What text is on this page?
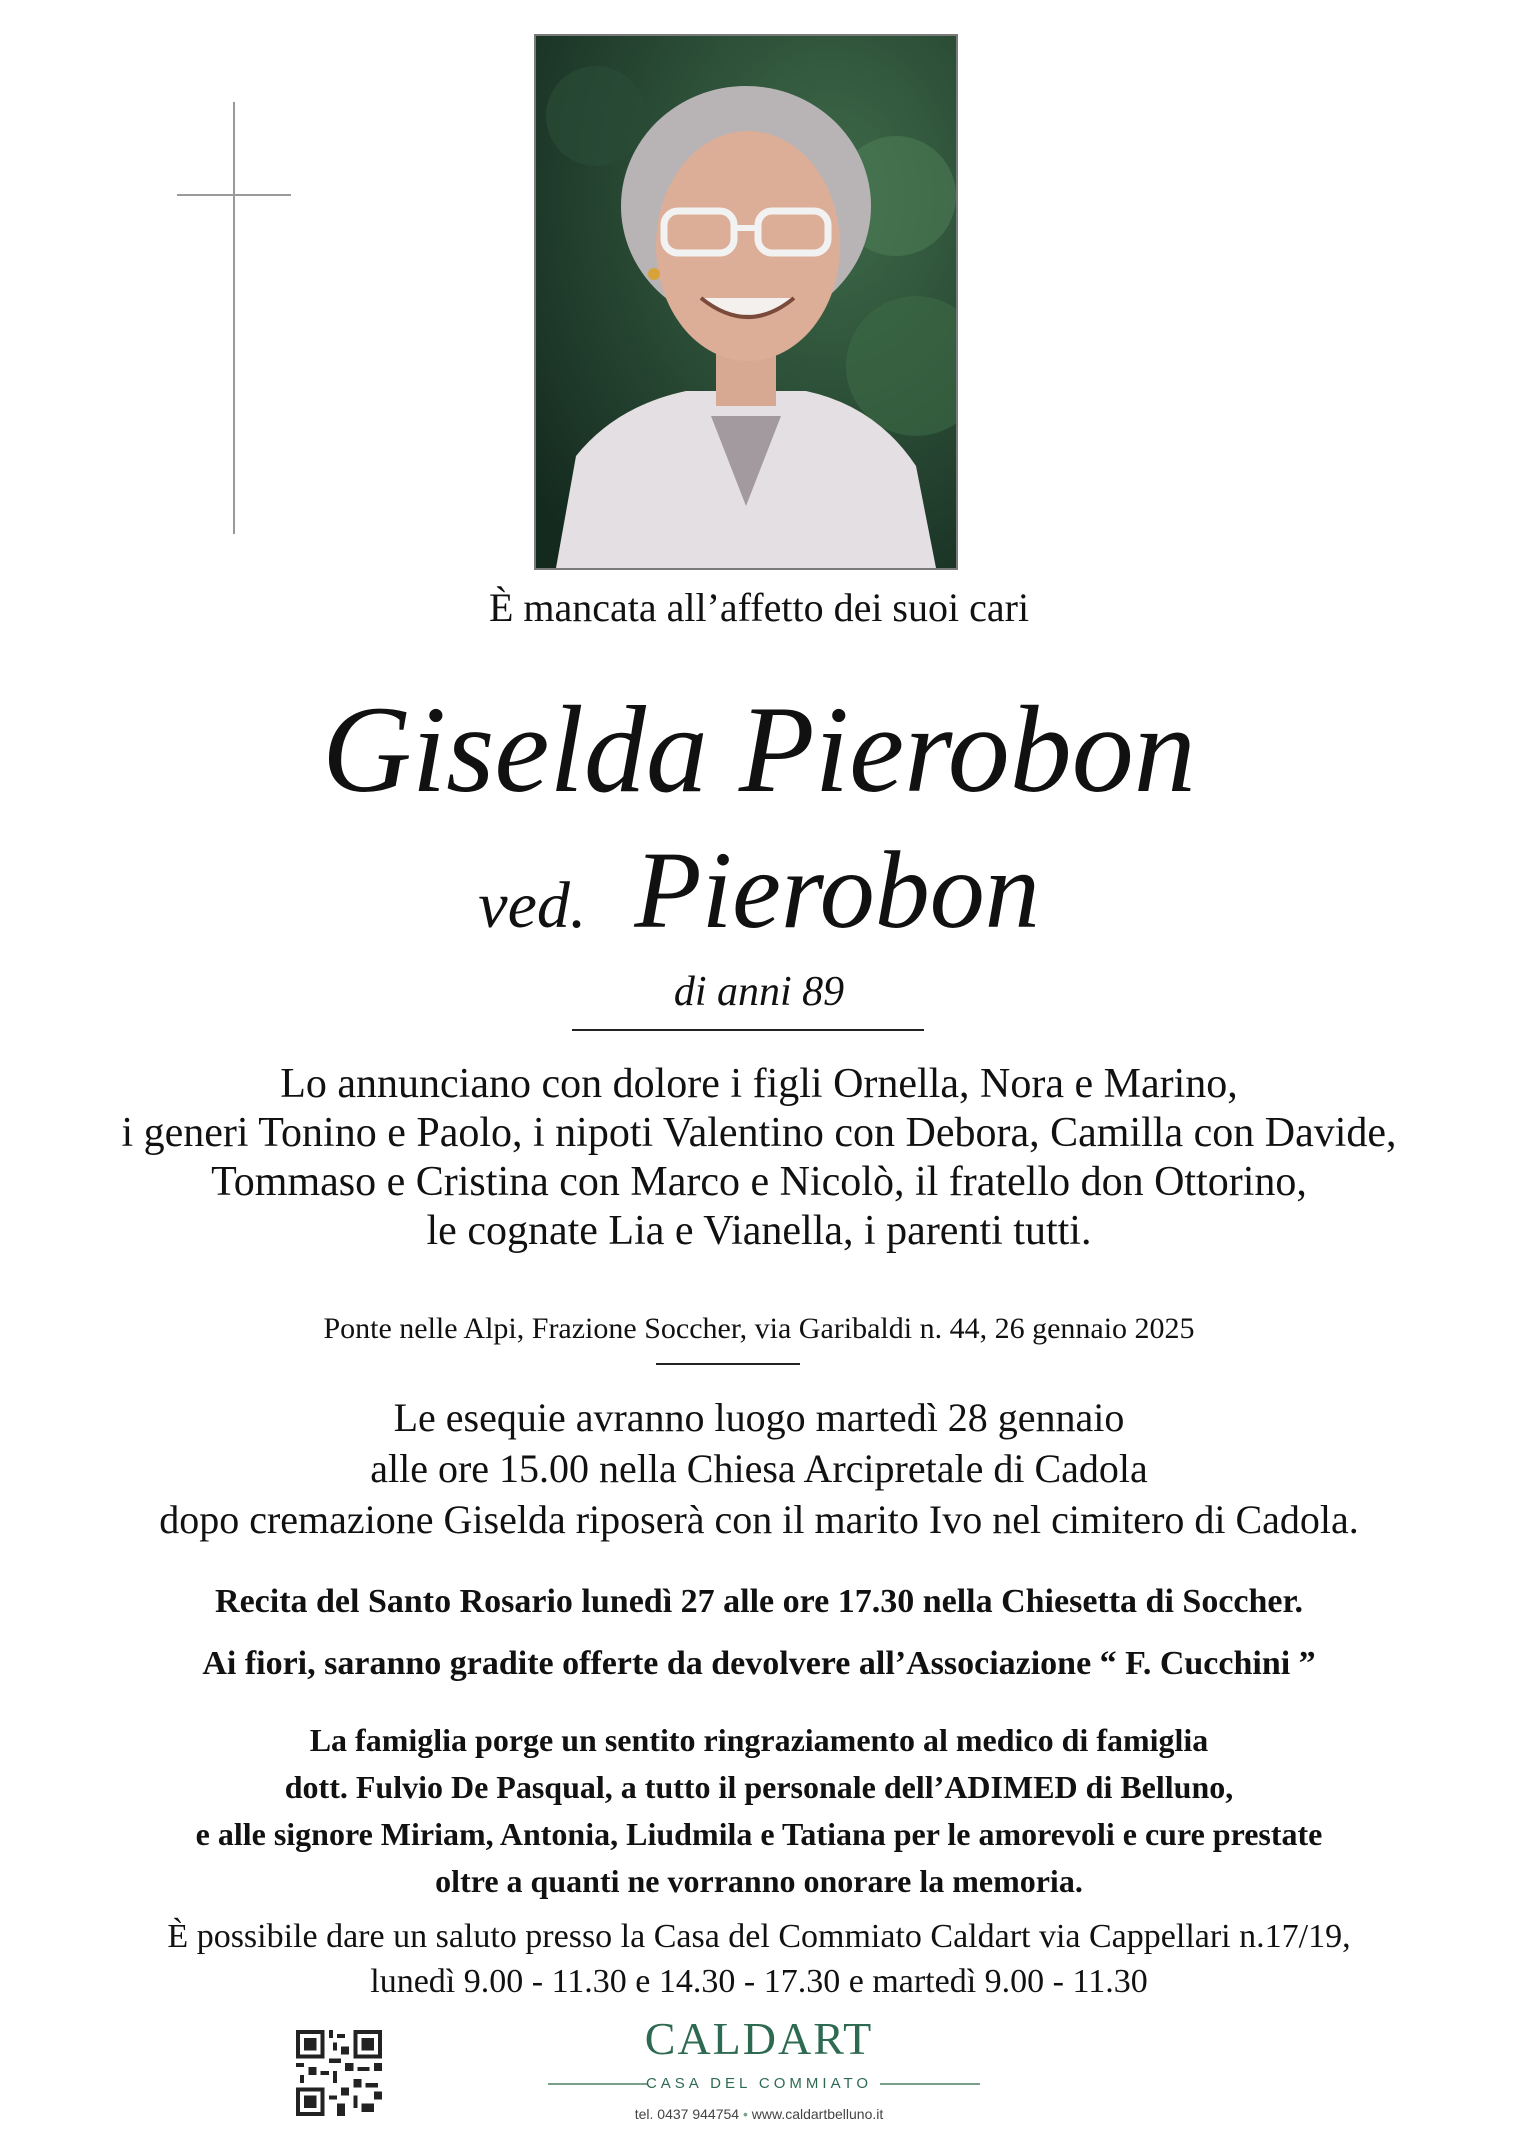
È mancata all’affetto dei suoi cari
Giselda Pierobon
ved. Pierobon
di anni 89
Lo annunciano con dolore i figli Ornella, Nora e Marino,
i generi Tonino e Paolo, i nipoti Valentino con Debora, Camilla con Davide,
Tommaso e Cristina con Marco e Nicolò, il fratello don Ottorino,
le cognate Lia e Vianella, i parenti tutti.
Ponte nelle Alpi, Frazione Soccher, via Garibaldi n. 44, 26 gennaio 2025
Le esequie avranno luogo martedì 28 gennaio
alle ore 15.00 nella Chiesa Arcipretale di Cadola
dopo cremazione Giselda riposerà con il marito Ivo nel cimitero di Cadola.
Recita del Santo Rosario lunedì 27 alle ore 17.30 nella Chiesetta di Soccher.
Ai fiori, saranno gradite offerte da devolvere all’Associazione “ F. Cucchini ”
La famiglia porge un sentito ringraziamento al medico di famiglia
dott. Fulvio De Pasqual, a tutto il personale dell’ADIMED di Belluno,
e alle signore Miriam, Antonia, Liudmila e Tatiana per le amorevoli e cure prestate
oltre a quanti ne vorranno onorare la memoria.
È possibile dare un saluto presso la Casa del Commiato Caldart via Cappellari n.17/19,
lunedì 9.00 - 11.30 e 14.30 - 17.30 e martedì 9.00 - 11.30
CALDART
CASA DEL COMMIATO
tel. 0437 944754 • www.caldartbelluno.it
